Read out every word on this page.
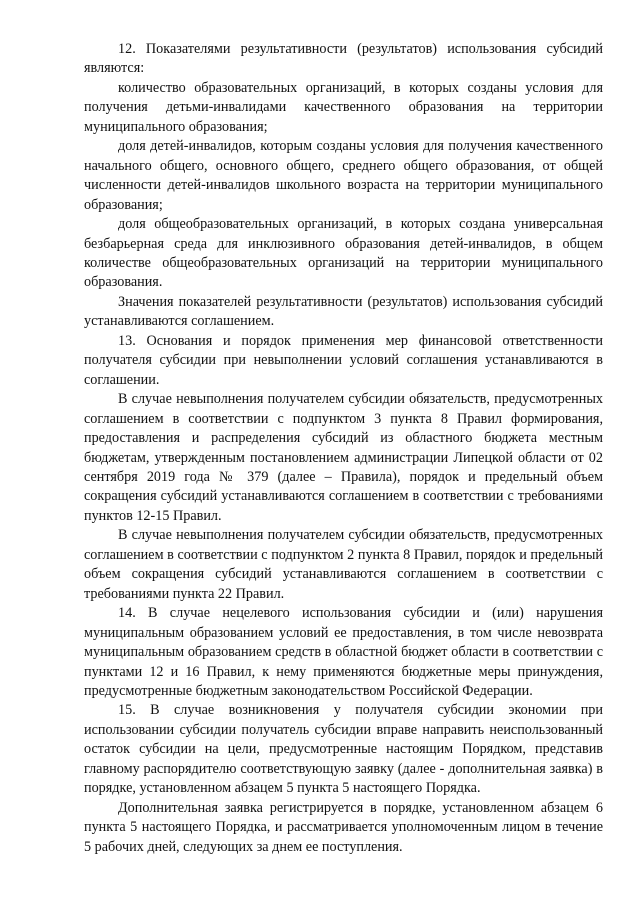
12. Показателями результативности (результатов) использования субсидий являются:

количество образовательных организаций, в которых созданы условия для получения детьми-инвалидами качественного образования на территории муниципального образования;

доля детей-инвалидов, которым созданы условия для получения качественного начального общего, основного общего, среднего общего образования, от общей численности детей-инвалидов школьного возраста на территории муниципального образования;

доля общеобразовательных организаций, в которых создана универсальная безбарьерная среда для инклюзивного образования детей-инвалидов, в общем количестве общеобразовательных организаций на территории муниципального образования.

Значения показателей результативности (результатов) использования субсидий устанавливаются соглашением.

13. Основания и порядок применения мер финансовой ответственности получателя субсидии при невыполнении условий соглашения устанавливаются в соглашении.

В случае невыполнения получателем субсидии обязательств, предусмотренных соглашением в соответствии с подпунктом 3 пункта 8 Правил формирования, предоставления и распределения субсидий из областного бюджета местным бюджетам, утвержденным постановлением администрации Липецкой области от 02 сентября 2019 года № 379 (далее – Правила), порядок и предельный объем сокращения субсидий устанавливаются соглашением в соответствии с требованиями пунктов 12-15 Правил.

В случае невыполнения получателем субсидии обязательств, предусмотренных соглашением в соответствии с подпунктом 2 пункта 8 Правил, порядок и предельный объем сокращения субсидий устанавливаются соглашением в соответствии с требованиями пункта 22 Правил.

14. В случае нецелевого использования субсидии и (или) нарушения муниципальным образованием условий ее предоставления, в том числе невозврата муниципальным образованием средств в областной бюджет области в соответствии с пунктами 12 и 16 Правил, к нему применяются бюджетные меры принуждения, предусмотренные бюджетным законодательством Российской Федерации.

15. В случае возникновения у получателя субсидии экономии при использовании субсидии получатель субсидии вправе направить неиспользованный остаток субсидии на цели, предусмотренные настоящим Порядком, представив главному распорядителю соответствующую заявку (далее - дополнительная заявка) в порядке, установленном абзацем 5 пункта 5 настоящего Порядка.

Дополнительная заявка регистрируется в порядке, установленном абзацем 6 пункта 5 настоящего Порядка, и рассматривается уполномоченным лицом в течение 5 рабочих дней, следующих за днем ее поступления.
